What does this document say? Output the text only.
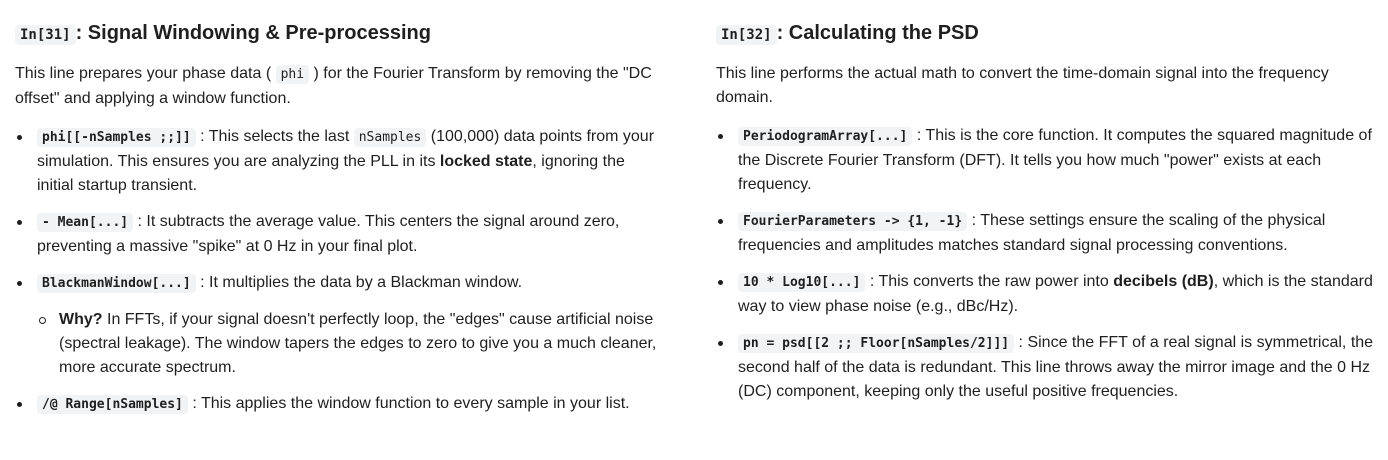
In[31] : Signal Windowing & Pre-processing

This line prepares your phase data ( phi ) for the Fourier Transform by removing the "DC offset" and applying a window function.

phi[[-nSamples ;;]] : This selects the last nSamples (100,000) data points from your simulation. This ensures you are analyzing the PLL in its locked state, ignoring the initial startup transient.
- Mean[...] : It subtracts the average value. This centers the signal around zero, preventing a massive "spike" at 0 Hz in your final plot.
BlackmanWindow[...] : It multiplies the data by a Blackman window.
Why? In FFTs, if your signal doesn't perfectly loop, the "edges" cause artificial noise (spectral leakage). The window tapers the edges to zero to give you a much cleaner, more accurate spectrum.
/@ Range[nSamples] : This applies the window function to every sample in your list.
In[32] : Calculating the PSD

This line performs the actual math to convert the time-domain signal into the frequency domain.

PeriodogramArray[...] : This is the core function. It computes the squared magnitude of the Discrete Fourier Transform (DFT). It tells you how much "power" exists at each frequency.
FourierParameters -> {1, -1} : These settings ensure the scaling of the physical frequencies and amplitudes matches standard signal processing conventions.
10 * Log10[...] : This converts the raw power into decibels (dB), which is the standard way to view phase noise (e.g., dBc/Hz).
pn = psd[[2 ;; Floor[nSamples/2]]] : Since the FFT of a real signal is symmetrical, the second half of the data is redundant. This line throws away the mirror image and the 0 Hz (DC) component, keeping only the useful positive frequencies.
